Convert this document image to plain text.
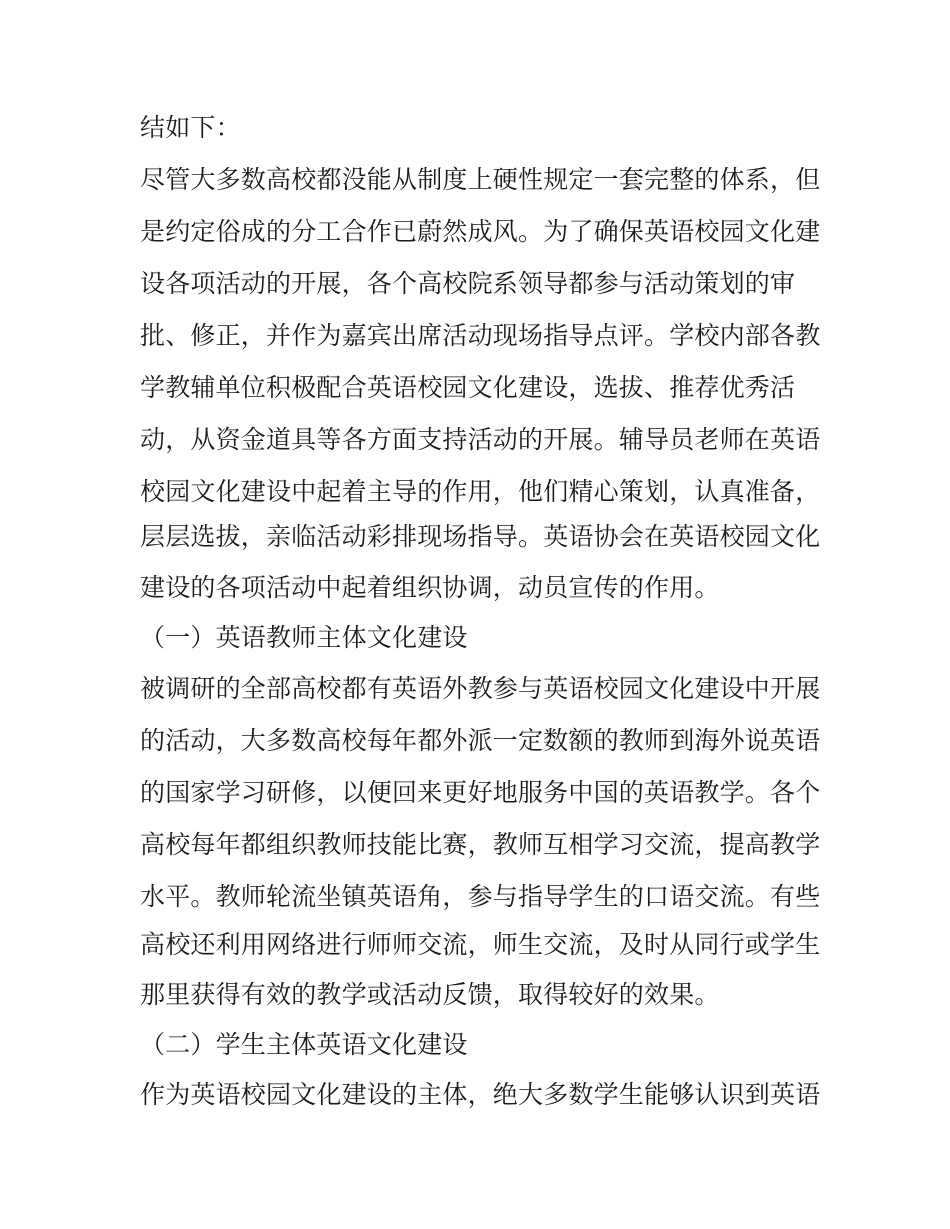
结如下：
尽管大多数高校都没能从制度上硬性规定一套完整的体系，但
是约定俗成的分工合作已蔚然成风。为了确保英语校园文化建
设各项活动的开展，各个高校院系领导都参与活动策划的审
批、修正，并作为嘉宾出席活动现场指导点评。学校内部各教
学教辅单位积极配合英语校园文化建设，选拔、推荐优秀活
动，从资金道具等各方面支持活动的开展。辅导员老师在英语
校园文化建设中起着主导的作用，他们精心策划，认真准备，
层层选拔，亲临活动彩排现场指导。英语协会在英语校园文化
建设的各项活动中起着组织协调，动员宣传的作用。
（一）英语教师主体文化建设
被调研的全部高校都有英语外教参与英语校园文化建设中开展
的活动，大多数高校每年都外派一定数额的教师到海外说英语
的国家学习研修，以便回来更好地服务中国的英语教学。各个
高校每年都组织教师技能比赛，教师互相学习交流，提高教学
水平。教师轮流坐镇英语角，参与指导学生的口语交流。有些
高校还利用网络进行师师交流，师生交流，及时从同行或学生
那里获得有效的教学或活动反馈，取得较好的效果。
（二）学生主体英语文化建设
作为英语校园文化建设的主体，绝大多数学生能够认识到英语
